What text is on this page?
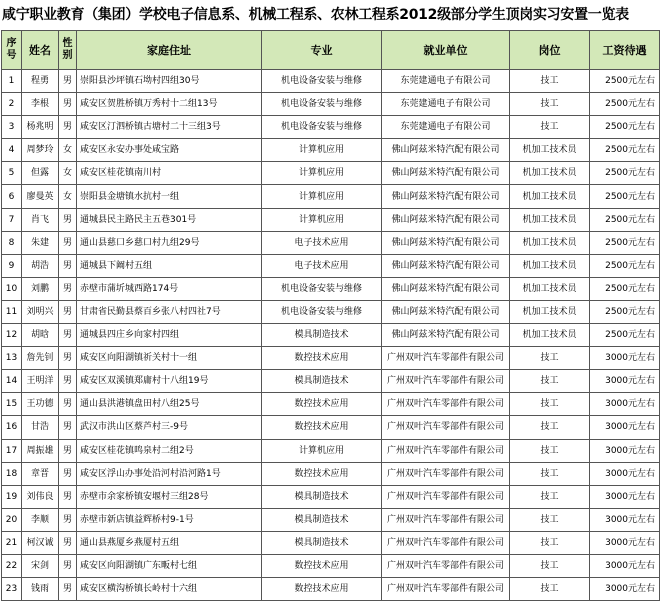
咸宁职业教育（集团）学校电子信息系、机械工程系、农林工程系2012级部分学生顶岗实习安置一览表
序号	姓名	性别	家庭住址	专业	就业单位	岗位	工资待遇
1	程勇	男	崇阳县沙坪镇石坳村四组30号	机电设备安装与维修	东莞建通电子有限公司	技工	2500元左右
2	李根	男	咸安区贺胜桥镇万秀村十二组13号	机电设备安装与维修	东莞建通电子有限公司	技工	2500元左右
3	杨兆明	男	咸安区汀泗桥镇古塘村二十三组3号	机电设备安装与维修	东莞建通电子有限公司	技工	2500元左右
4	周梦玲	女	咸安区永安办事处咸宝路	计算机应用	佛山阿兹米特汽配有限公司	机加工技术员	2500元左右
5	但露	女	咸安区桂花镇南川村	计算机应用	佛山阿兹米特汽配有限公司	机加工技术员	2500元左右
6	廖曼英	女	崇阳县金塘镇水抗村一组	计算机应用	佛山阿兹米特汽配有限公司	机加工技术员	2500元左右
7	肖飞	男	通城县民主路民主五巷301号	计算机应用	佛山阿兹米特汽配有限公司	机加工技术员	2500元左右
8	朱建	男	通山县慈口乡慈口村九组29号	电子技术应用	佛山阿兹米特汽配有限公司	机加工技术员	2500元左右
9	胡浩	男	通城县下阚村五组	电子技术应用	佛山阿兹米特汽配有限公司	机加工技术员	2500元左右
10	刘鹏	男	赤壁市蒲圻城西路174号	机电设备安装与维修	佛山阿兹米特汽配有限公司	机加工技术员	2500元左右
11	刘明兴	男	甘肃省民勤县蔡百乡张八村四社7号	机电设备安装与维修	佛山阿兹米特汽配有限公司	机加工技术员	2500元左右
12	胡晗	男	通城县四庄乡向家村四组	模具制造技术	佛山阿兹米特汽配有限公司	机加工技术员	2500元左右
13	詹先钊	男	咸安区向阳湖镇祈关村十一组	数控技术应用	广州双叶汽车零部件有限公司	技工	3000元左右
14	王明洋	男	咸安区双溪镇郑庸村十八组19号	模具制造技术	广州双叶汽车零部件有限公司	技工	3000元左右
15	王功德	男	通山县洪港镇盘田村八组25号	数控技术应用	广州双叶汽车零部件有限公司	技工	3000元左右
16	甘浩	男	武汉市洪山区蔡芦村三-9号	数控技术应用	广州双叶汽车零部件有限公司	技工	3000元左右
17	周振雄	男	咸安区桂花镇鸣泉村二组2号	计算机应用	广州双叶汽车零部件有限公司	技工	3000元左右
18	章晋	男	咸安区浮山办事处沿河村沿河路1号	数控技术应用	广州双叶汽车零部件有限公司	技工	3000元左右
19	刘伟良	男	赤壁市余家桥镇安堰村三组28号	模具制造技术	广州双叶汽车零部件有限公司	技工	3000元左右
20	李顺	男	赤壁市新店镇益辉桥村9-1号	模具制造技术	广州双叶汽车零部件有限公司	技工	3000元左右
21	柯汉诚	男	通山县燕厦乡燕厦村五组	模具制造技术	广州双叶汽车零部件有限公司	技工	3000元左右
22	宋剑	男	咸安区向阳湖镇广东畈村七组	数控技术应用	广州双叶汽车零部件有限公司	技工	3000元左右
23	钱雨	男	咸安区横沟桥镇长岭村十六组	数控技术应用	广州双叶汽车零部件有限公司	技工	3000元左右
